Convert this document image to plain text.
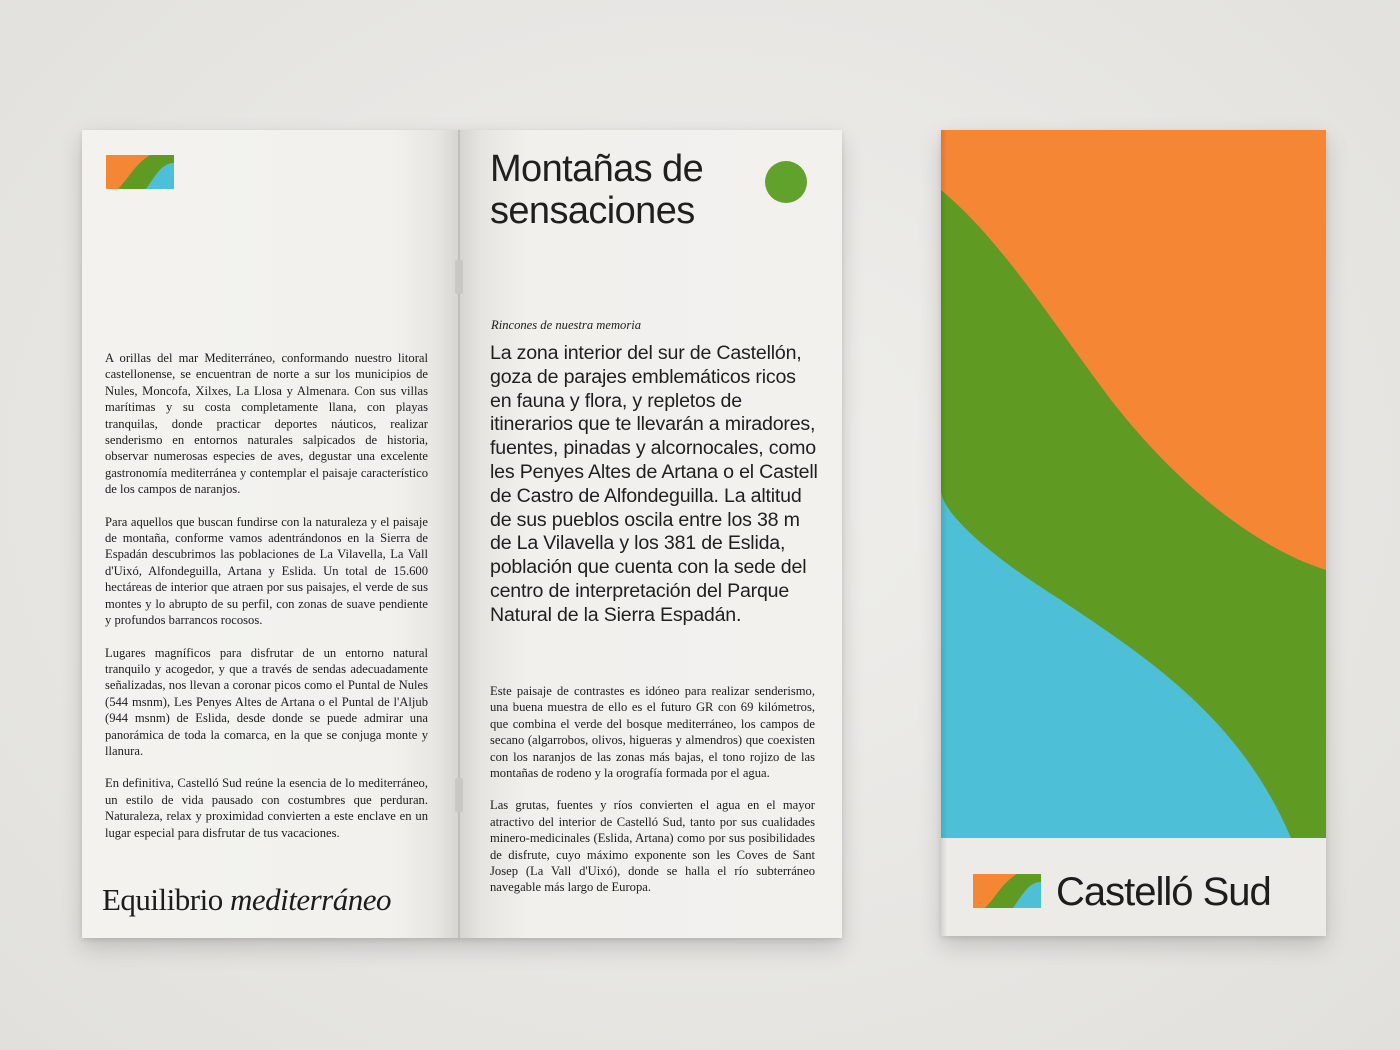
A orillas del mar Mediterráneo, conformando nuestro litoral castellonense, se encuentran de norte a sur los municipios de Nules, Moncofa, Xilxes, La Llosa y Almenara. Con sus villas marítimas y su costa completamente llana, con playas tranquilas, donde practicar deportes náuticos, realizar senderismo en entornos naturales salpicados de historia, observar numerosas especies de aves, degustar una excelente gastronomía mediterránea y contemplar el paisaje característico de los campos de naranjos.

Para aquellos que buscan fundirse con la naturaleza y el paisaje de montaña, conforme vamos adentrándonos en la Sierra de Espadán descubrimos las poblaciones de La Vilavella, La Vall d'Uixó, Alfondeguilla, Artana y Eslida. Un total de 15.600 hectáreas de interior que atraen por sus paisajes, el verde de sus montes y lo abrupto de su perfil, con zonas de suave pendiente y profundos barrancos rocosos.

Lugares magníficos para disfrutar de un entorno natural tranquilo y acogedor, y que a través de sendas adecuadamente señalizadas, nos llevan a coronar picos como el Puntal de Nules (544 msnm), Les Penyes Altes de Artana o el Puntal de l'Aljub (944 msnm) de Eslida, desde donde se puede admirar una panorámica de toda la comarca, en la que se conjuga monte y llanura.

En definitiva, Castelló Sud reúne la esencia de lo mediterráneo, un estilo de vida pausado con costumbres que perduran. Naturaleza, relax y proximidad convierten a este enclave en un lugar especial para disfrutar de tus vacaciones.

Equilibrio mediterráneo
Montañas de
sensaciones
Rincones de nuestra memoria
La zona interior del sur de Castellón, goza de parajes emblemáticos ricos en fauna y flora, y repletos de itinerarios que te llevarán a miradores, fuentes, pinadas y alcornocales, como les Penyes Altes de Artana o el Castell de Castro de Alfondeguilla. La altitud de sus pueblos oscila entre los 38 m de La Vilavella y los 381 de Eslida, población que cuenta con la sede del centro de interpretación del Parque Natural de la Sierra Espadán.

Este paisaje de contrastes es idóneo para realizar senderismo, una buena muestra de ello es el futuro GR con 69 kilómetros, que combina el verde del bosque mediterráneo, los campos de secano (algarrobos, olivos, higueras y almendros) que coexisten con los naranjos de las zonas más bajas, el tono rojizo de las montañas de rodeno y la orografía formada por el agua.

Las grutas, fuentes y ríos convierten el agua en el mayor atractivo del interior de Castelló Sud, tanto por sus cualidades minero-medicinales (Eslida, Artana) como por sus posibilidades de disfrute, cuyo máximo exponente son les Coves de Sant Josep (La Vall d'Uixó), donde se halla el río subterráneo navegable más largo de Europa.	Castelló Sud
